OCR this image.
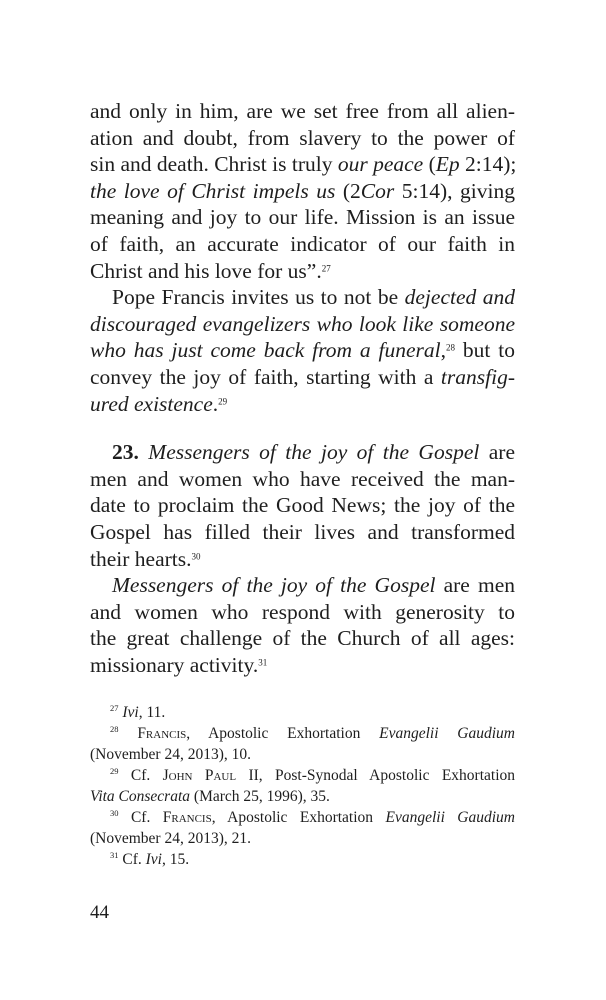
and only in him, are we set free from all alien-
ation and doubt, from slavery to the power of
sin and death. Christ is truly our peace (Ep 2:14);
the love of Christ impels us (2Cor 5:14), giving
meaning and joy to our life. Mission is an issue
of faith, an accurate indicator of our faith in
Christ and his love for us”.$^{27}$
Pope Francis invites us to not be dejected and
discouraged evangelizers who look like someone
who has just come back from a funeral,$^{28}$ but to
convey the joy of faith, starting with a transfig-
ured existence.$^{29}$
23. Messengers of the joy of the Gospel are
men and women who have received the man-
date to proclaim the Good News; the joy of the
Gospel has filled their lives and transformed
their hearts.$^{30}$
Messengers of the joy of the Gospel are men
and women who respond with generosity to
the great challenge of the Church of all ages:
missionary activity.$^{31}$
$^{27}$ Ivi, 11.
$^{28}$ Francis, Apostolic Exhortation Evangelii Gaudium
(November 24, 2013), 10.
$^{29}$ Cf. John Paul II, Post-Synodal Apostolic Exhortation
Vita Consecrata (March 25, 1996), 35.
$^{30}$ Cf. Francis, Apostolic Exhortation Evangelii Gaudium
(November 24, 2013), 21.
$^{31}$ Cf. Ivi, 15.
44
